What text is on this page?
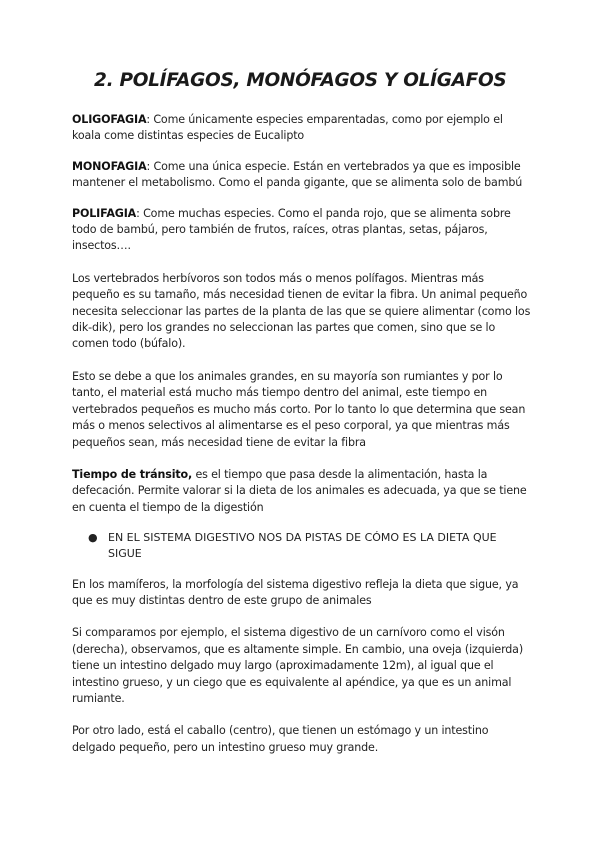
2. POLÍFAGOS, MONÓFAGOS Y OLÍGAFOS

OLIGOFAGIA: Come únicamente especies emparentadas, como por ejemplo el koala come distintas especies de Eucalipto

MONOFAGIA: Come una única especie. Están en vertebrados ya que es imposible mantener el metabolismo. Como el panda gigante, que se alimenta solo de bambú

POLIFAGIA: Come muchas especies. Como el panda rojo, que se alimenta sobre todo de bambú, pero también de frutos, raíces, otras plantas, setas, pájaros, insectos….

Los vertebrados herbívoros son todos más o menos polífagos. Mientras más pequeño es su tamaño, más necesidad tienen de evitar la fibra. Un animal pequeño necesita seleccionar las partes de la planta de las que se quiere alimentar (como los dik-dik), pero los grandes no seleccionan las partes que comen, sino que se lo comen todo (búfalo).

Esto se debe a que los animales grandes, en su mayoría son rumiantes y por lo tanto, el material está mucho más tiempo dentro del animal, este tiempo en vertebrados pequeños es mucho más corto. Por lo tanto lo que determina que sean más o menos selectivos al alimentarse es el peso corporal, ya que mientras más pequeños sean, más necesidad tiene de evitar la fibra

Tiempo de tránsito, es el tiempo que pasa desde la alimentación, hasta la defecación. Permite valorar si la dieta de los animales es adecuada, ya que se tiene en cuenta el tiempo de la digestión

● EN EL SISTEMA DIGESTIVO NOS DA PISTAS DE CÓMO ES LA DIETA QUE SIGUE

En los mamíferos, la morfología del sistema digestivo refleja la dieta que sigue, ya que es muy distintas dentro de este grupo de animales

Si comparamos por ejemplo, el sistema digestivo de un carnívoro como el visón (derecha), observamos, que es altamente simple. En cambio, una oveja (izquierda) tiene un intestino delgado muy largo (aproximadamente 12m), al igual que el intestino grueso, y un ciego que es equivalente al apéndice, ya que es un animal rumiante.

Por otro lado, está el caballo (centro), que tienen un estómago y un intestino delgado pequeño, pero un intestino grueso muy grande.
